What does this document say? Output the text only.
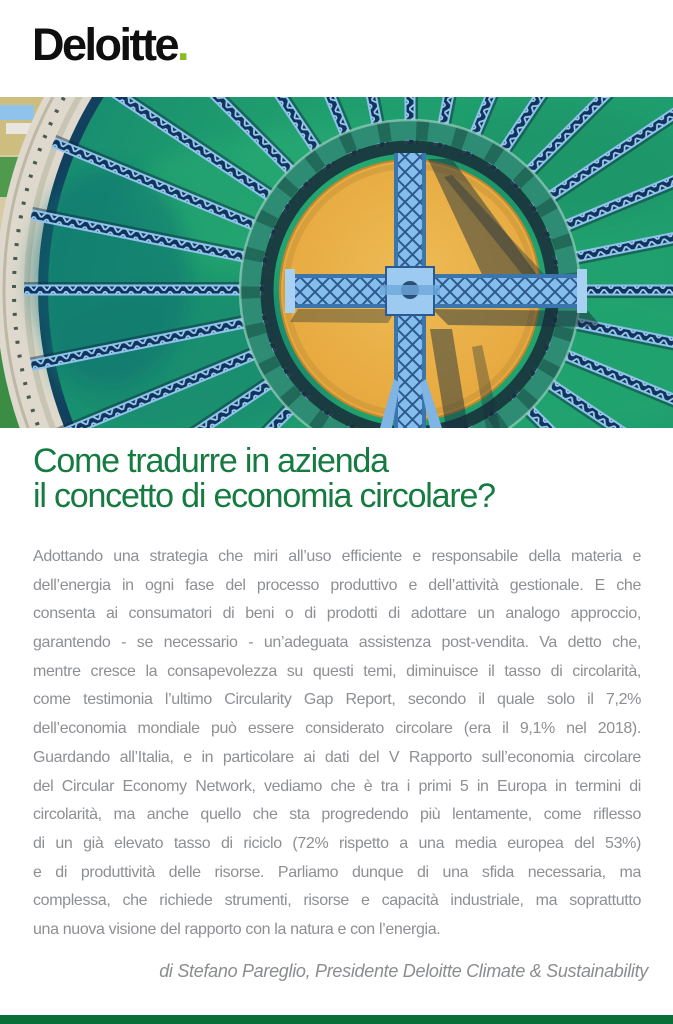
Deloitte.
Come tradurre in azienda
il concetto di economia circolare?
Adottando una strategia che miri all’uso efficiente e responsabile della materia e
dell’energia in ogni fase del processo produttivo e dell’attività gestionale. E che
consenta ai consumatori di beni o di prodotti di adottare un analogo approccio,
garantendo - se necessario - un’adeguata assistenza post-vendita. Va detto che,
mentre cresce la consapevolezza su questi temi, diminuisce il tasso di circolarità,
come testimonia l’ultimo Circularity Gap Report, secondo il quale solo il 7,2%
dell’economia mondiale può essere considerato circolare (era il 9,1% nel 2018).
Guardando all’Italia, e in particolare ai dati del V Rapporto sull’economia circolare
del Circular Economy Network, vediamo che è tra i primi 5 in Europa in termini di
circolarità, ma anche quello che sta progredendo più lentamente, come riflesso
di un già elevato tasso di riciclo (72% rispetto a una media europea del 53%)
e di produttività delle risorse. Parliamo dunque di una sfida necessaria, ma
complessa, che richiede strumenti, risorse e capacità industriale, ma soprattutto
una nuova visione del rapporto con la natura e con l’energia.
di Stefano Pareglio, Presidente Deloitte Climate & Sustainability
